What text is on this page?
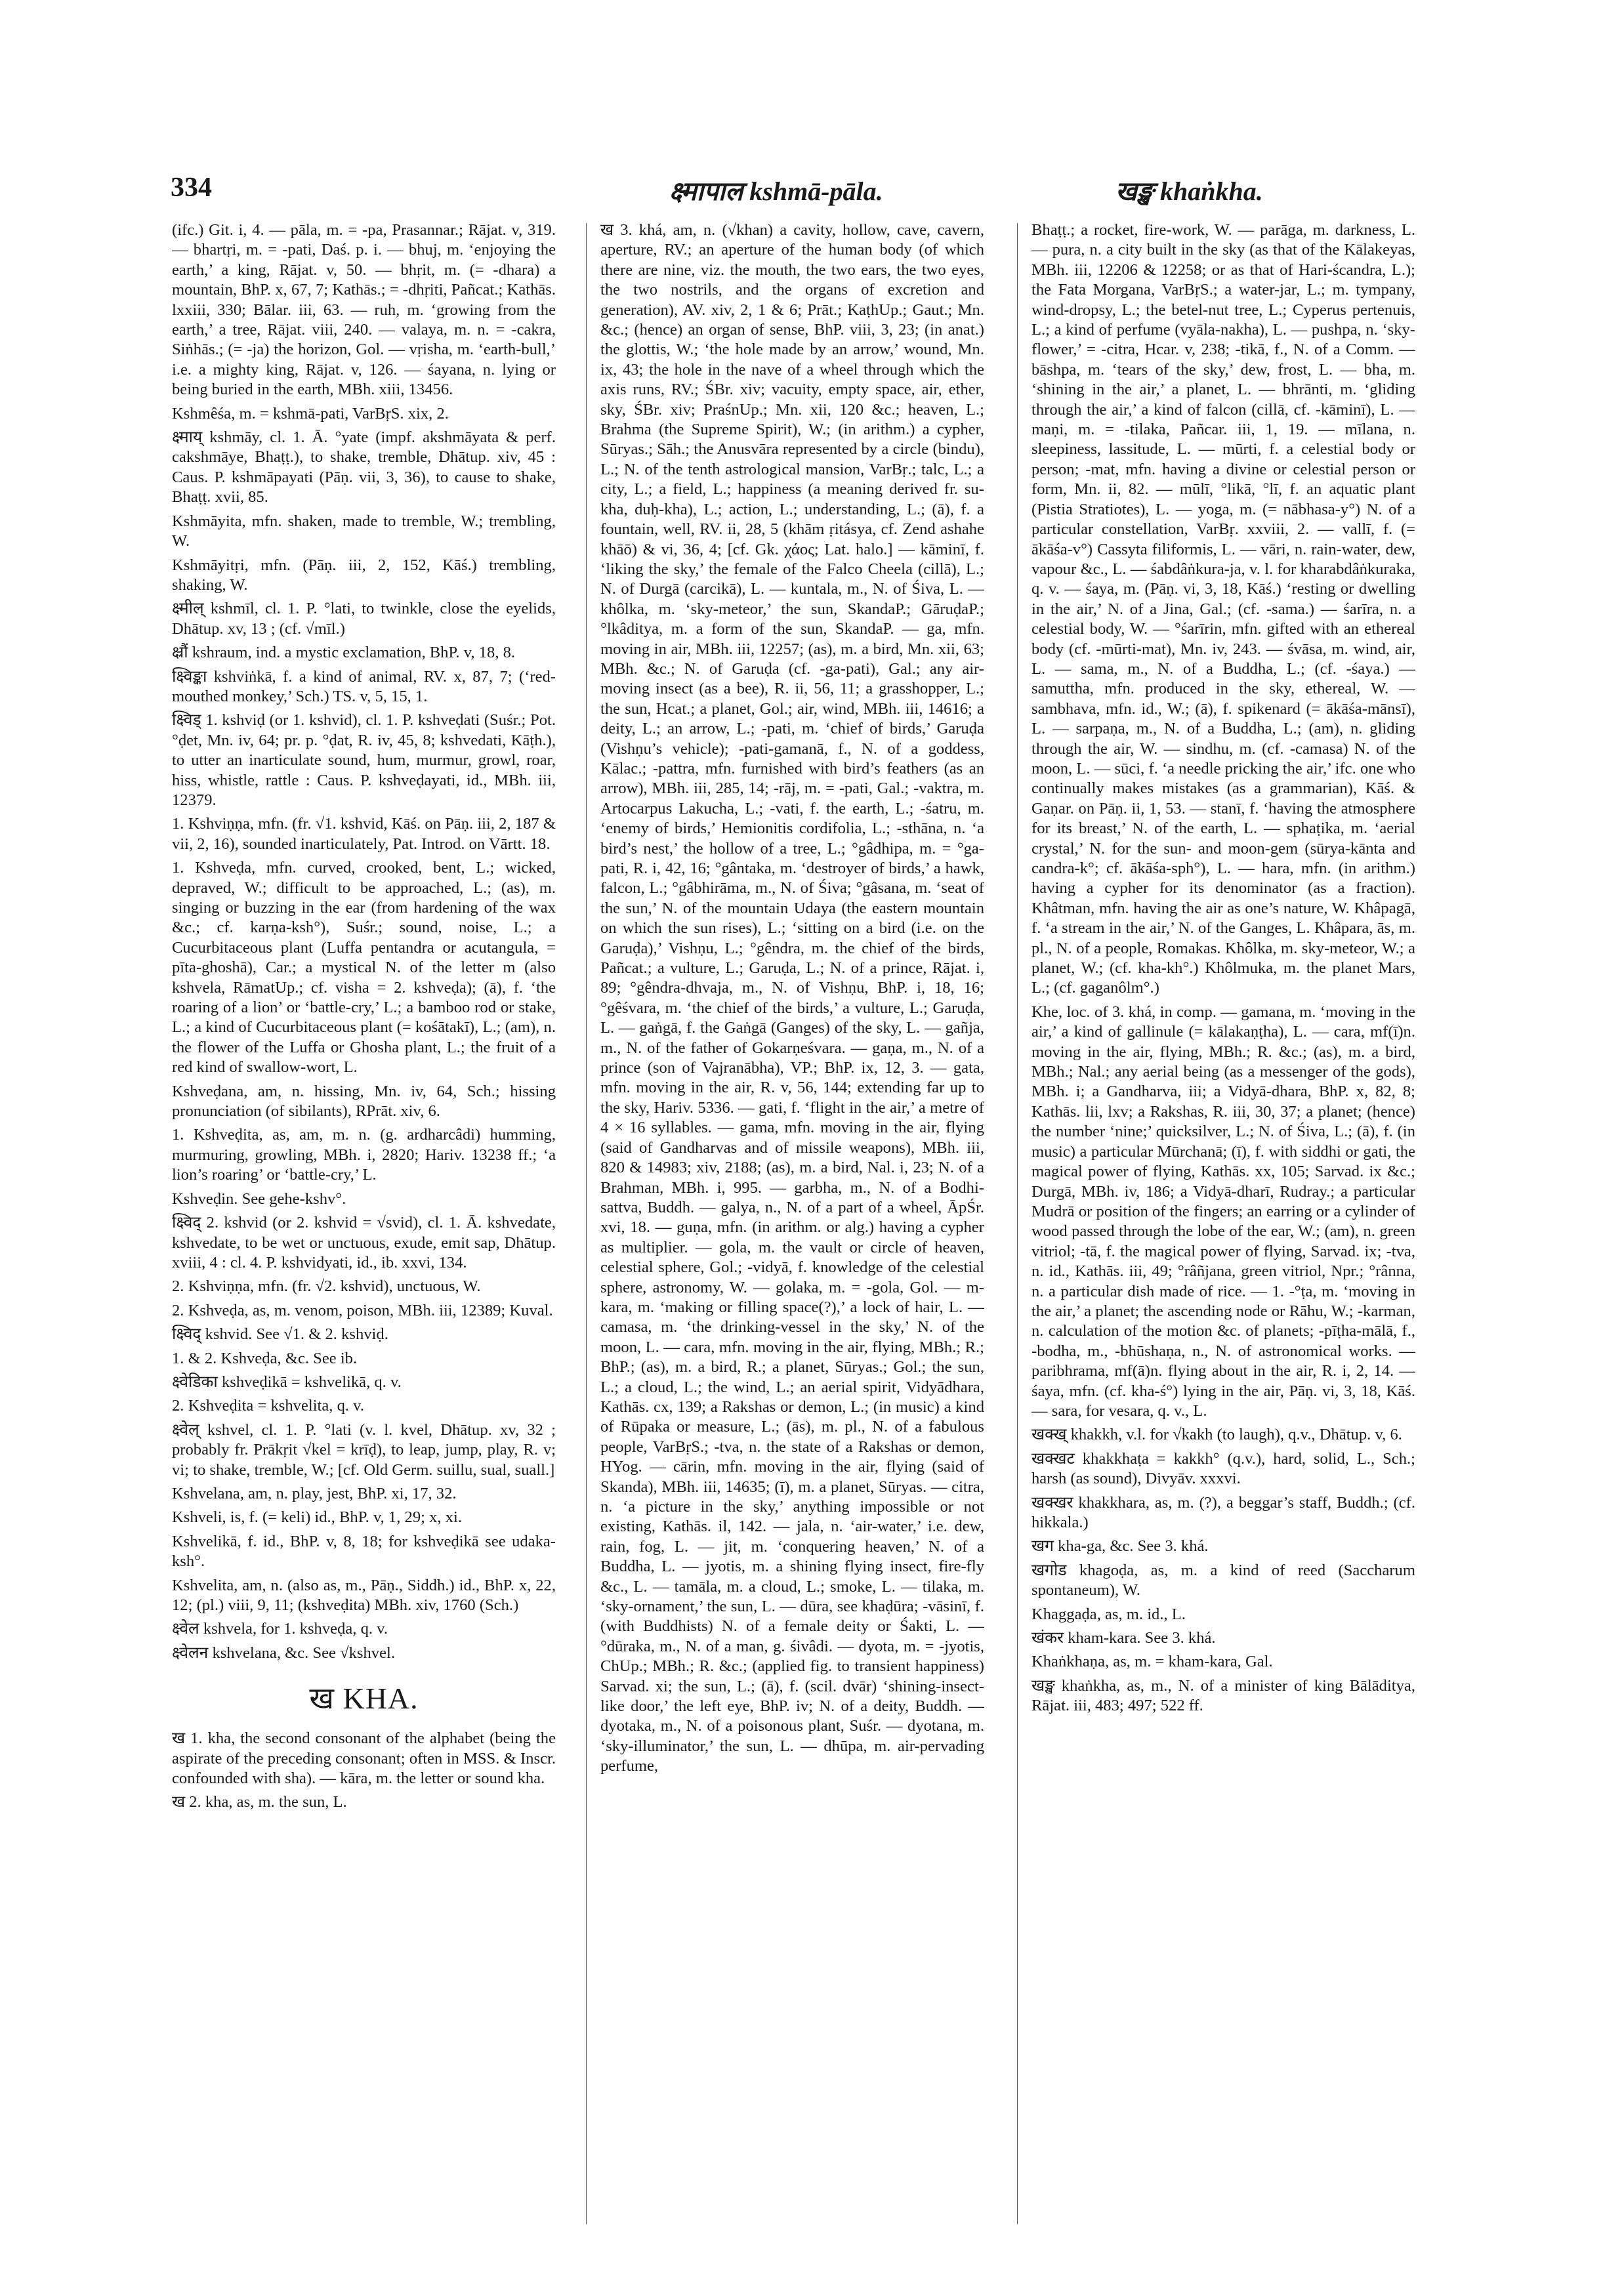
334	क्ष्मापाल kshmā-pāla.	खङ्ख khaṅkha.

(ifc.) Git. i, 4. — pāla, m. = -pa, Prasannar.; Rājat. v, 319. — bhartṛi, m. = -pati, Daś. p. i. — bhuj, m. ‘enjoying the earth,’ a king, Rājat. v, 50. — bhṛit, m. (= -dhara) a mountain, BhP. x, 67, 7; Kathās.; = -dhṛiti, Pañcat.; Kathās. lxxiii, 330; Bālar. iii, 63. — ruh, m. ‘growing from the earth,’ a tree, Rājat. viii, 240. — valaya, m. n. = -cakra, Siṅhās.; (= -ja) the horizon, Gol. — vṛisha, m. ‘earth-bull,’ i.e. a mighty king, Rājat. v, 126. — śayana, n. lying or being buried in the earth, MBh. xiii, 13456.

Kshmêśa, m. = kshmā-pati, VarBṛS. xix, 2.

क्ष्माय् kshmāy, cl. 1. Ā. °yate (impf. akshmāyata & perf. cakshmāye, Bhaṭṭ.), to shake, tremble, Dhātup. xiv, 45 : Caus. P. kshmāpayati (Pāṇ. vii, 3, 36), to cause to shake, Bhaṭṭ. xvii, 85.

Kshmāyita, mfn. shaken, made to tremble, W.; trembling, W.

Kshmāyitṛi, mfn. (Pāṇ. iii, 2, 152, Kāś.) trembling, shaking, W.

क्ष्मील् kshmīl, cl. 1. P. °lati, to twinkle, close the eyelids, Dhātup. xv, 13 ; (cf. √mīl.)

क्ष्रौं kshraum, ind. a mystic exclamation, BhP. v, 18, 8.

क्ष्विङ्का kshviṅkā, f. a kind of animal, RV. x, 87, 7; (‘red-mouthed monkey,’ Sch.) TS. v, 5, 15, 1.

क्ष्विड् 1. kshviḍ (or 1. kshvid), cl. 1. P. kshveḍati (Suśr.; Pot. °ḍet, Mn. iv, 64; pr. p. °ḍat, R. iv, 45, 8; kshvedati, Kāṭh.), to utter an inarticulate sound, hum, murmur, growl, roar, hiss, whistle, rattle : Caus. P. kshveḍayati, id., MBh. iii, 12379.

1. Kshviṇṇa, mfn. (fr. √1. kshvid, Kāś. on Pāṇ. iii, 2, 187 & vii, 2, 16), sounded inarticulately, Pat. Introd. on Vārtt. 18.

1. Kshveḍa, mfn. curved, crooked, bent, L.; wicked, depraved, W.; difficult to be approached, L.; (as), m. singing or buzzing in the ear (from hardening of the wax &c.; cf. karṇa-ksh°), Suśr.; sound, noise, L.; a Cucurbitaceous plant (Luffa pentandra or acutangula, = pīta-ghoshā), Car.; a mystical N. of the letter m (also kshvela, RāmatUp.; cf. visha = 2. kshveḍa); (ā), f. ‘the roaring of a lion’ or ‘battle-cry,’ L.; a bamboo rod or stake, L.; a kind of Cucurbitaceous plant (= kośātakī), L.; (am), n. the flower of the Luffa or Ghosha plant, L.; the fruit of a red kind of swallow-wort, L.

Kshveḍana, am, n. hissing, Mn. iv, 64, Sch.; hissing pronunciation (of sibilants), RPrāt. xiv, 6.

1. Kshveḍita, as, am, m. n. (g. ardharcâdi) humming, murmuring, growling, MBh. i, 2820; Hariv. 13238 ff.; ‘a lion’s roaring’ or ‘battle-cry,’ L.

Kshveḍin. See gehe-kshv°.

क्ष्विद् 2. kshvid (or 2. kshvid = √svid), cl. 1. Ā. kshvedate, kshvedate, to be wet or unctuous, exude, emit sap, Dhātup. xviii, 4 : cl. 4. P. kshvidyati, id., ib. xxvi, 134.

2. Kshviṇṇa, mfn. (fr. √2. kshvid), unctuous, W.

2. Kshveḍa, as, m. venom, poison, MBh. iii, 12389; Kuval.

क्ष्विद् kshvid. See √1. & 2. kshviḍ.

1. & 2. Kshveḍa, &c. See ib.

क्ष्वेडिका kshveḍikā = kshvelikā, q. v.

2. Kshveḍita = kshvelita, q. v.

क्ष्वेल् kshvel, cl. 1. P. °lati (v. l. kvel, Dhātup. xv, 32 ; probably fr. Prākṛit √kel = krīḍ), to leap, jump, play, R. v; vi; to shake, tremble, W.; [cf. Old Germ. suillu, sual, suall.]

Kshvelana, am, n. play, jest, BhP. xi, 17, 32.

Kshveli, is, f. (= keli) id., BhP. v, 1, 29; x, xi.

Kshvelikā, f. id., BhP. v, 8, 18; for kshveḍikā see udaka-ksh°.

Kshvelita, am, n. (also as, m., Pāṇ., Siddh.) id., BhP. x, 22, 12; (pl.) viii, 9, 11; (kshveḍita) MBh. xiv, 1760 (Sch.)

क्ष्वेल kshvela, for 1. kshveḍa, q. v.

क्ष्वेलन kshvelana, &c. See √kshvel.

ख KHA.

ख 1. kha, the second consonant of the alphabet (being the aspirate of the preceding consonant; often in MSS. & Inscr. confounded with sha). — kāra, m. the letter or sound kha.

ख 2. kha, as, m. the sun, L.

ख 3. khá, am, n. (√khan) a cavity, hollow, cave, cavern, aperture, RV.; an aperture of the human body (of which there are nine, viz. the mouth, the two ears, the two eyes, the two nostrils, and the organs of excretion and generation), AV. xiv, 2, 1 & 6; Prāt.; KaṭhUp.; Gaut.; Mn. &c.; (hence) an organ of sense, BhP. viii, 3, 23; (in anat.) the glottis, W.; ‘the hole made by an arrow,’ wound, Mn. ix, 43; the hole in the nave of a wheel through which the axis runs, RV.; ŚBr. xiv; vacuity, empty space, air, ether, sky, ŚBr. xiv; PraśnUp.; Mn. xii, 120 &c.; heaven, L.; Brahma (the Supreme Spirit), W.; (in arithm.) a cypher, Sūryas.; Sāh.; the Anusvāra represented by a circle (bindu), L.; N. of the tenth astrological mansion, VarBṛ.; talc, L.; a city, L.; a field, L.; happiness (a meaning derived fr. su-kha, duḥ-kha), L.; action, L.; understanding, L.; (ā), f. a fountain, well, RV. ii, 28, 5 (khām ṛitásya, cf. Zend ashahe khāō) & vi, 36, 4; [cf. Gk. χάος; Lat. halo.] — kāminī, f. ‘liking the sky,’ the female of the Falco Cheela (cillā), L.; N. of Durgā (carcikā), L. — kuntala, m., N. of Śiva, L. — khôlka, m. ‘sky-meteor,’ the sun, SkandaP.; GāruḍaP.; °lkâditya, m. a form of the sun, SkandaP. — ga, mfn. moving in air, MBh. iii, 12257; (as), m. a bird, Mn. xii, 63; MBh. &c.; N. of Garuḍa (cf. -ga-pati), Gal.; any air-moving insect (as a bee), R. ii, 56, 11; a grasshopper, L.; the sun, Hcat.; a planet, Gol.; air, wind, MBh. iii, 14616; a deity, L.; an arrow, L.; -pati, m. ‘chief of birds,’ Garuḍa (Vishṇu’s vehicle); -pati-gamanā, f., N. of a goddess, Kālac.; -pattra, mfn. furnished with bird’s feathers (as an arrow), MBh. iii, 285, 14; -rāj, m. = -pati, Gal.; -vaktra, m. Artocarpus Lakucha, L.; -vati, f. the earth, L.; -śatru, m. ‘enemy of birds,’ Hemionitis cordifolia, L.; -sthāna, n. ‘a bird’s nest,’ the hollow of a tree, L.; °gâdhipa, m. = °ga-pati, R. i, 42, 16; °gântaka, m. ‘destroyer of birds,’ a hawk, falcon, L.; °gâbhirāma, m., N. of Śiva; °gâsana, m. ‘seat of the sun,’ N. of the mountain Udaya (the eastern mountain on which the sun rises), L.; ‘sitting on a bird (i.e. on the Garuḍa),’ Vishṇu, L.; °gêndra, m. the chief of the birds, Pañcat.; a vulture, L.; Garuḍa, L.; N. of a prince, Rājat. i, 89; °gêndra-dhvaja, m., N. of Vishṇu, BhP. i, 18, 16; °gêśvara, m. ‘the chief of the birds,’ a vulture, L.; Garuḍa, L. — gaṅgā, f. the Gaṅgā (Ganges) of the sky, L. — gañja, m., N. of the father of Gokarṇeśvara. — gaṇa, m., N. of a prince (son of Vajranābha), VP.; BhP. ix, 12, 3. — gata, mfn. moving in the air, R. v, 56, 144; extending far up to the sky, Hariv. 5336. — gati, f. ‘flight in the air,’ a metre of 4 × 16 syllables. — gama, mfn. moving in the air, flying (said of Gandharvas and of missile weapons), MBh. iii, 820 & 14983; xiv, 2188; (as), m. a bird, Nal. i, 23; N. of a Brahman, MBh. i, 995. — garbha, m., N. of a Bodhi-sattva, Buddh. — galya, n., N. of a part of a wheel, ĀpŚr. xvi, 18. — guṇa, mfn. (in arithm. or alg.) having a cypher as multiplier. — gola, m. the vault or circle of heaven, celestial sphere, Gol.; -vidyā, f. knowledge of the celestial sphere, astronomy, W. — golaka, m. = -gola, Gol. — m-kara, m. ‘making or filling space(?),’ a lock of hair, L. — camasa, m. ‘the drinking-vessel in the sky,’ N. of the moon, L. — cara, mfn. moving in the air, flying, MBh.; R.; BhP.; (as), m. a bird, R.; a planet, Sūryas.; Gol.; the sun, L.; a cloud, L.; the wind, L.; an aerial spirit, Vidyādhara, Kathās. cx, 139; a Rakshas or demon, L.; (in music) a kind of Rūpaka or measure, L.; (ās), m. pl., N. of a fabulous people, VarBṛS.; -tva, n. the state of a Rakshas or demon, HYog. — cārin, mfn. moving in the air, flying (said of Skanda), MBh. iii, 14635; (ī), m. a planet, Sūryas. — citra, n. ‘a picture in the sky,’ anything impossible or not existing, Kathās. il, 142. — jala, n. ‘air-water,’ i.e. dew, rain, fog, L. — jit, m. ‘conquering heaven,’ N. of a Buddha, L. — jyotis, m. a shining flying insect, fire-fly &c., L. — tamāla, m. a cloud, L.; smoke, L. — tilaka, m. ‘sky-ornament,’ the sun, L. — dūra, see khaḍūra; -vāsinī, f. (with Buddhists) N. of a female deity or Śakti, L. — °dūraka, m., N. of a man, g. śivâdi. — dyota, m. = -jyotis, ChUp.; MBh.; R. &c.; (applied fig. to transient happiness) Sarvad. xi; the sun, L.; (ā), f. (scil. dvār) ‘shining-insect-like door,’ the left eye, BhP. iv; N. of a deity, Buddh. — dyotaka, m., N. of a poisonous plant, Suśr. — dyotana, m. ‘sky-illuminator,’ the sun, L. — dhūpa, m. air-pervading perfume,

Bhaṭṭ.; a rocket, fire-work, W. — parāga, m. darkness, L. — pura, n. a city built in the sky (as that of the Kālakeyas, MBh. iii, 12206 & 12258; or as that of Hari-ścandra, L.); the Fata Morgana, VarBṛS.; a water-jar, L.; m. tympany, wind-dropsy, L.; the betel-nut tree, L.; Cyperus pertenuis, L.; a kind of perfume (vyāla-nakha), L. — pushpa, n. ‘sky-flower,’ = -citra, Hcar. v, 238; -tikā, f., N. of a Comm. — bāshpa, m. ‘tears of the sky,’ dew, frost, L. — bha, m. ‘shining in the air,’ a planet, L. — bhrānti, m. ‘gliding through the air,’ a kind of falcon (cillā, cf. -kāminī), L. — maṇi, m. = -tilaka, Pañcar. iii, 1, 19. — mīlana, n. sleepiness, lassitude, L. — mūrti, f. a celestial body or person; -mat, mfn. having a divine or celestial person or form, Mn. ii, 82. — mūlī, °likā, °lī, f. an aquatic plant (Pistia Stratiotes), L. — yoga, m. (= nābhasa-y°) N. of a particular constellation, VarBṛ. xxviii, 2. — vallī, f. (= ākāśa-v°) Cassyta filiformis, L. — vāri, n. rain-water, dew, vapour &c., L. — śabdâṅkura-ja, v. l. for kharabdâṅkuraka, q. v. — śaya, m. (Pāṇ. vi, 3, 18, Kāś.) ‘resting or dwelling in the air,’ N. of a Jina, Gal.; (cf. -sama.) — śarīra, n. a celestial body, W. — °śarīrin, mfn. gifted with an ethereal body (cf. -mūrti-mat), Mn. iv, 243. — śvāsa, m. wind, air, L. — sama, m., N. of a Buddha, L.; (cf. -śaya.) — samuttha, mfn. produced in the sky, ethereal, W. — sambhava, mfn. id., W.; (ā), f. spikenard (= ākāśa-mānsī), L. — sarpaṇa, m., N. of a Buddha, L.; (am), n. gliding through the air, W. — sindhu, m. (cf. -camasa) N. of the moon, L. — sūci, f. ‘a needle pricking the air,’ ifc. one who continually makes mistakes (as a grammarian), Kāś. & Gaṇar. on Pāṇ. ii, 1, 53. — stanī, f. ‘having the atmosphere for its breast,’ N. of the earth, L. — sphaṭika, m. ‘aerial crystal,’ N. for the sun- and moon-gem (sūrya-kānta and candra-k°; cf. ākāśa-sph°), L. — hara, mfn. (in arithm.) having a cypher for its denominator (as a fraction). Khâtman, mfn. having the air as one’s nature, W. Khâpagā, f. ‘a stream in the air,’ N. of the Ganges, L. Khâpara, ās, m. pl., N. of a people, Romakas. Khôlka, m. sky-meteor, W.; a planet, W.; (cf. kha-kh°.) Khôlmuka, m. the planet Mars, L.; (cf. gaganôlm°.)

Khe, loc. of 3. khá, in comp. — gamana, m. ‘moving in the air,’ a kind of gallinule (= kālakaṇṭha), L. — cara, mf(ī)n. moving in the air, flying, MBh.; R. &c.; (as), m. a bird, MBh.; Nal.; any aerial being (as a messenger of the gods), MBh. i; a Gandharva, iii; a Vidyā-dhara, BhP. x, 82, 8; Kathās. lii, lxv; a Rakshas, R. iii, 30, 37; a planet; (hence) the number ‘nine;’ quicksilver, L.; N. of Śiva, L.; (ā), f. (in music) a particular Mūrchanā; (ī), f. with siddhi or gati, the magical power of flying, Kathās. xx, 105; Sarvad. ix &c.; Durgā, MBh. iv, 186; a Vidyā-dharī, Rudray.; a particular Mudrā or position of the fingers; an earring or a cylinder of wood passed through the lobe of the ear, W.; (am), n. green vitriol; -tā, f. the magical power of flying, Sarvad. ix; -tva, n. id., Kathās. iii, 49; °râñjana, green vitriol, Npr.; °rânna, n. a particular dish made of rice. — 1. -°ṭa, m. ‘moving in the air,’ a planet; the ascending node or Rāhu, W.; -karman, n. calculation of the motion &c. of planets; -pīṭha-mālā, f., -bodha, m., -bhūshaṇa, n., N. of astronomical works. — paribhrama, mf(ā)n. flying about in the air, R. i, 2, 14. — śaya, mfn. (cf. kha-ś°) lying in the air, Pāṇ. vi, 3, 18, Kāś. — sara, for vesara, q. v., L.

खक्ख् khakkh, v.l. for √kakh (to laugh), q.v., Dhātup. v, 6.

खक्खट khakkhaṭa = kakkh° (q.v.), hard, solid, L., Sch.; harsh (as sound), Divyāv. xxxvi.

खक्खर khakkhara, as, m. (?), a beggar’s staff, Buddh.; (cf. hikkala.)

खग kha-ga, &c. See 3. khá.

खगोड khagoḍa, as, m. a kind of reed (Saccharum spontaneum), W.

Khaggaḍa, as, m. id., L.

खंकर kham-kara. See 3. khá.

Khaṅkhaṇa, as, m. = kham-kara, Gal.

खङ्ख khaṅkha, as, m., N. of a minister of king Bālāditya, Rājat. iii, 483; 497; 522 ff.
